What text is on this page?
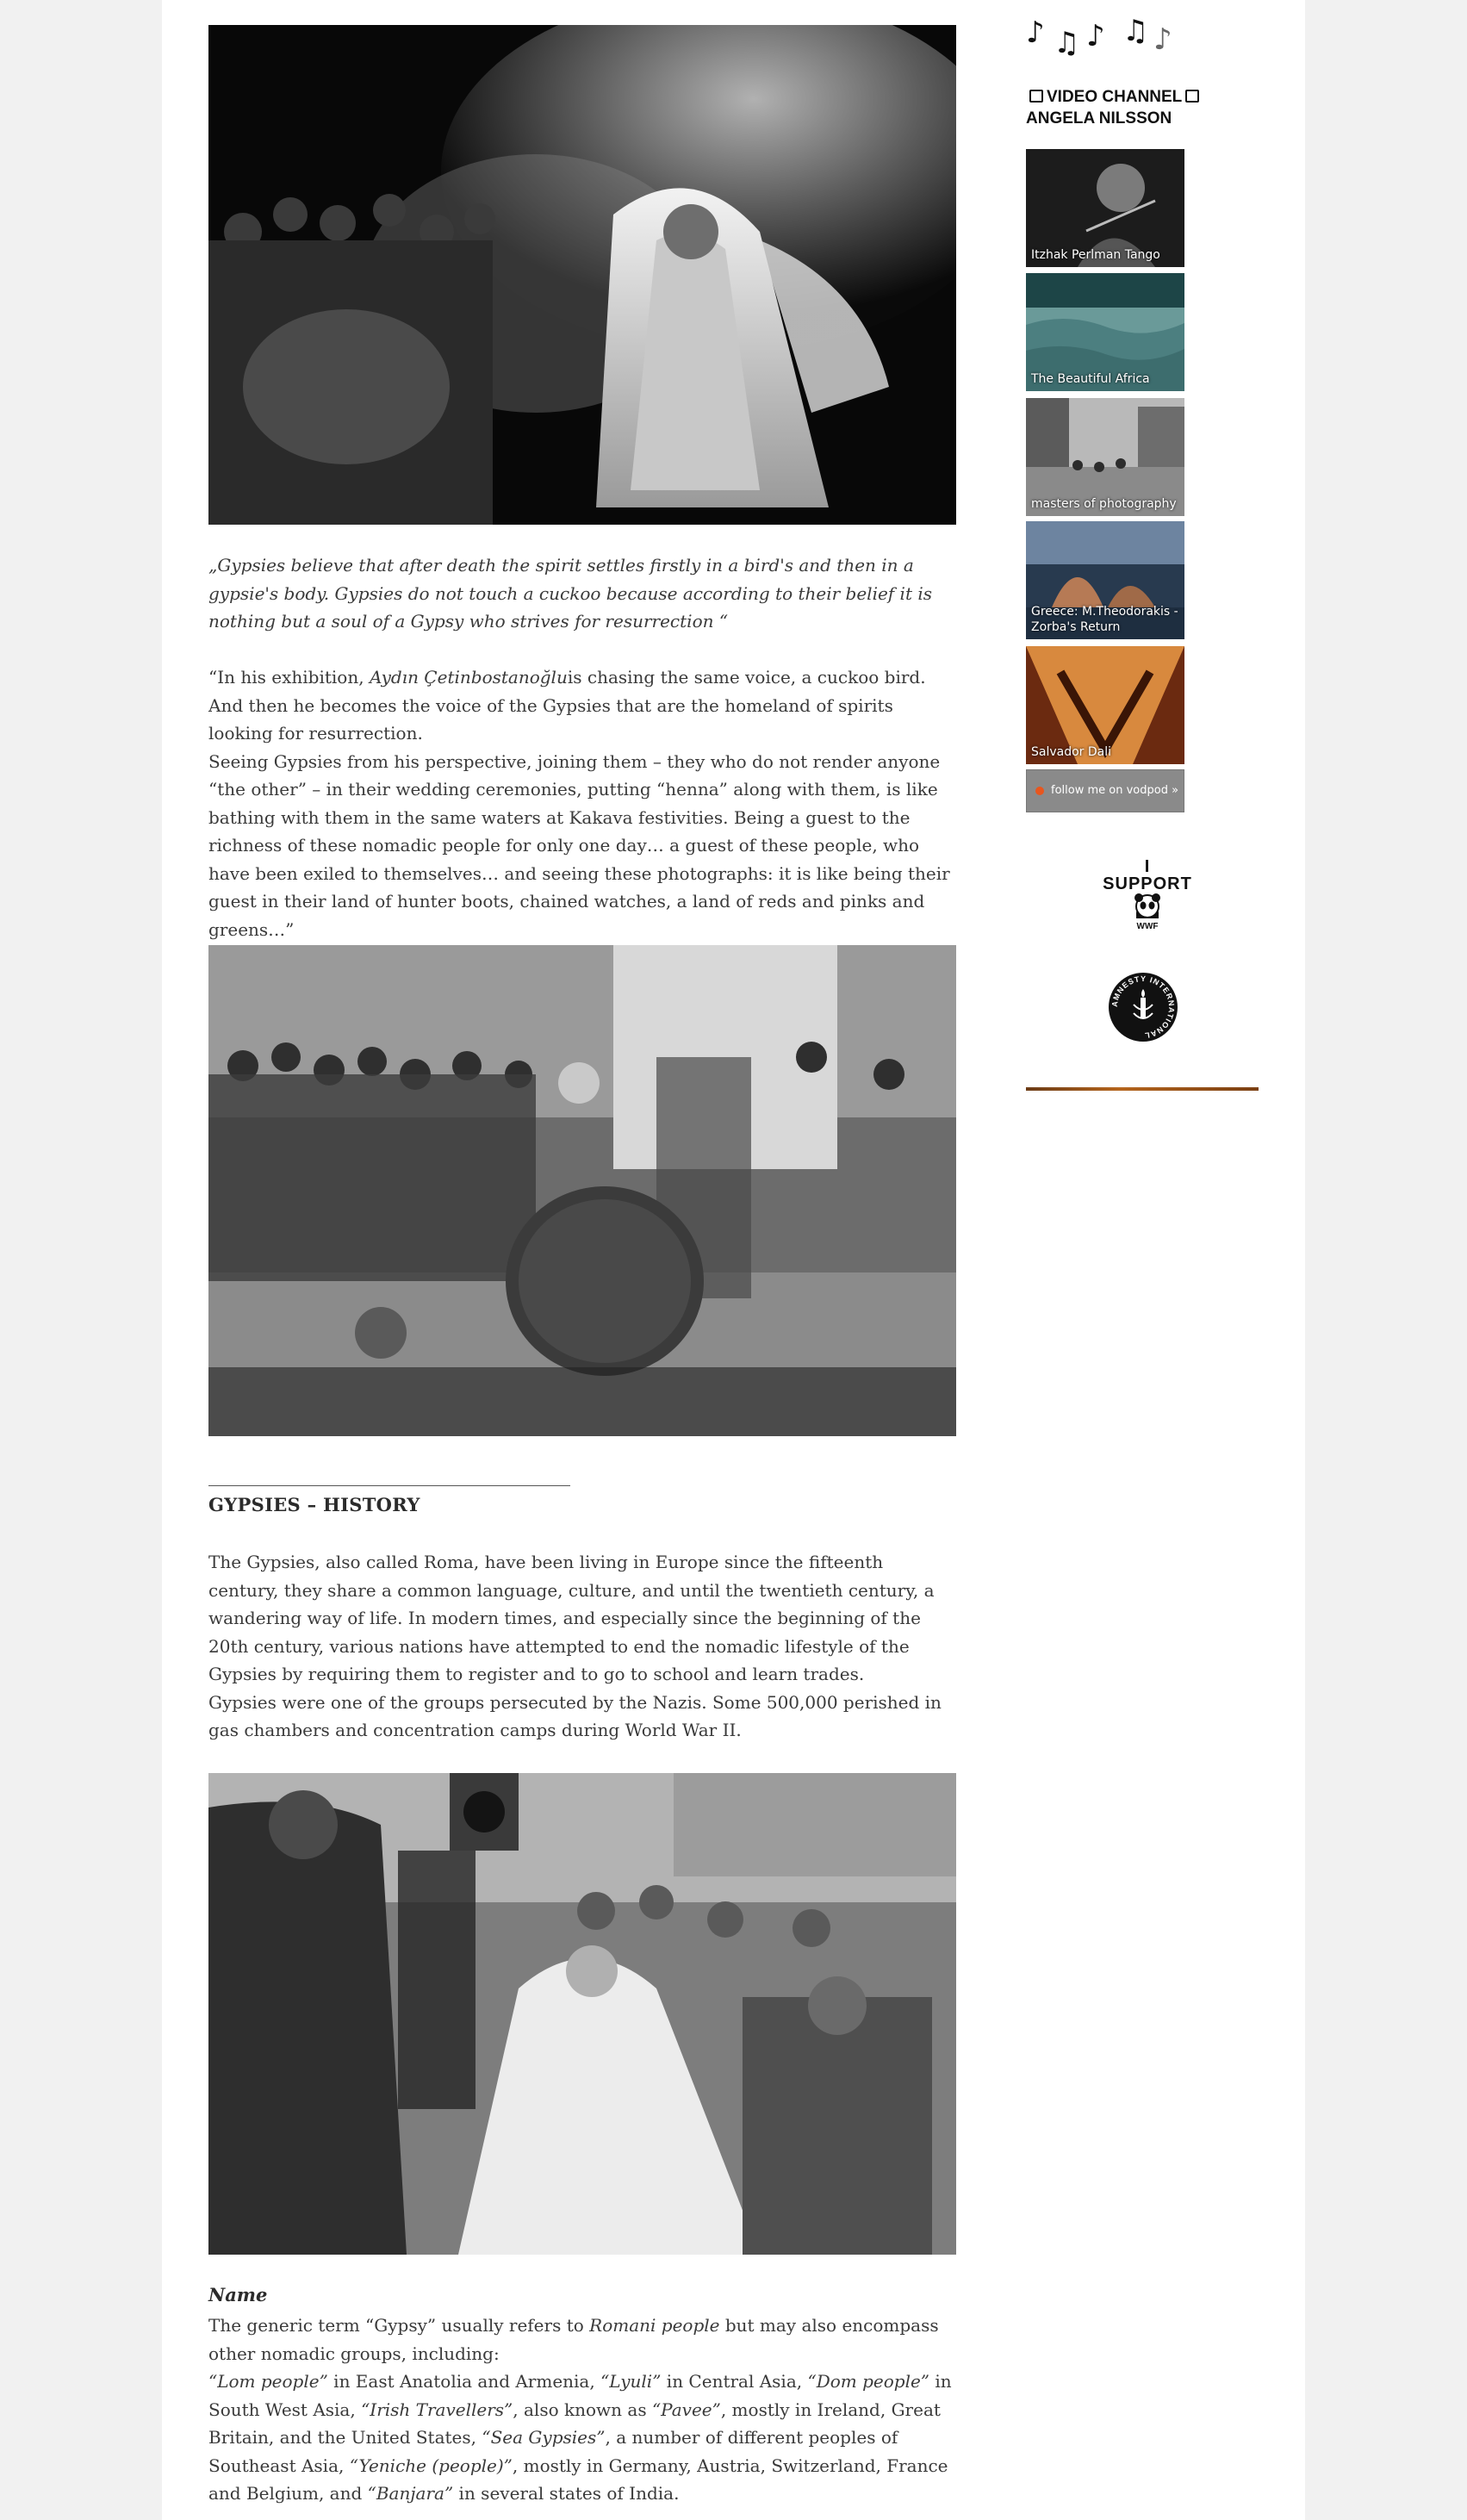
„Gypsies believe that after death the spirit settles firstly in a bird's and then in a gypsie's body. Gypsies do not touch a cuckoo because according to their belief it is nothing but a soul of a Gypsy who strives for resurrection “

“In his exhibition, Aydın Çetinbostanoğluis chasing the same voice, a cuckoo bird. And then he becomes the voice of the Gypsies that are the homeland of spirits looking for resurrection.

Seeing Gypsies from his perspective, joining them – they who do not render anyone “the other” – in their wedding ceremonies, putting “henna” along with them, is like bathing with them in the same waters at Kakava festivities. Being a guest to the richness of these nomadic people for only one day… a guest of these people, who have been exiled to themselves… and seeing these photographs: it is like being their guest in their land of hunter boots, chained watches, a land of reds and pinks and greens…”

GYPSIES – HISTORY

The Gypsies, also called Roma, have been living in Europe since the fifteenth century, they share a common language, culture, and until the twentieth century, a wandering way of life. In modern times, and especially since the beginning of the 20th century, various nations have attempted to end the nomadic lifestyle of the Gypsies by requiring them to register and to go to school and learn trades.

Gypsies were one of the groups persecuted by the Nazis. Some 500,000 perished in gas chambers and concentration camps during World War II.

Name

The generic term “Gypsy” usually refers to Romani people but may also encompass other nomadic groups, including:

“Lom people” in East Anatolia and Armenia, “Lyuli” in Central Asia, “Dom people” in South West Asia, “Irish Travellers”, also known as “Pavee”, mostly in Ireland, Great Britain, and the United States, “Sea Gypsies”, a number of different peoples of Southeast Asia, “Yeniche (people)”, mostly in Germany, Austria, Switzerland, France and Belgium, and “Banjara” in several states of India.

♪ ♫ ♪ ♫ ♪
VIDEO CHANNEL
ANGELA NILSSON
Itzhak Perlman Tango
The Beautiful Africa
masters of photography
Greece: M.Theodorakis - Zorba's Return
Salvador Dali
follow me on vodpod »
I
SUPPORT
WWF
AMNESTY INTERNATIONAL
